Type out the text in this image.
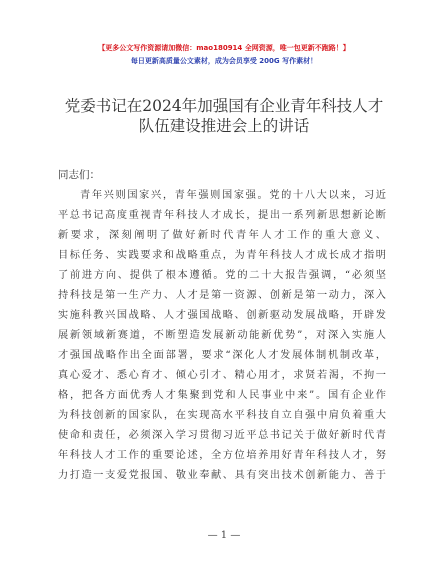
【更多公文写作资源请加微信：mao180914 全网资源，唯一包更新不跑路！】
每日更新高质量公文素材，成为会员享受 200G 写作素材！
党委书记在2024年加强国有企业青年科技人才
队伍建设推进会上的讲话
同志们：
青年兴则国家兴，青年强则国家强。党的十八大以来，习近
平总书记高度重视青年科技人才成长，提出一系列新思想新论断
新要求，深刻阐明了做好新时代青年人才工作的重大意义、
目标任务、实践要求和战略重点，为青年科技人才成长成才指明
了前进方向、提供了根本遵循。党的二十大报告强调，“必须坚
持科技是第一生产力、人才是第一资源、创新是第一动力，深入
实施科教兴国战略、人才强国战略、创新驱动发展战略，开辟发
展新领域新赛道，不断塑造发展新动能新优势”，对深入实施人
才强国战略作出全面部署，要求“深化人才发展体制机制改革，
真心爱才、悉心育才、倾心引才、精心用才，求贤若渴，不拘一
格，把各方面优秀人才集聚到党和人民事业中来”。国有企业作
为科技创新的国家队，在实现高水平科技自立自强中肩负着重大
使命和责任，必须深入学习贯彻习近平总书记关于做好新时代青
年科技人才工作的重要论述，全方位培养用好青年科技人才，努
力打造一支爱党报国、敬业奉献、具有突出技术创新能力、善于
— 1 —
